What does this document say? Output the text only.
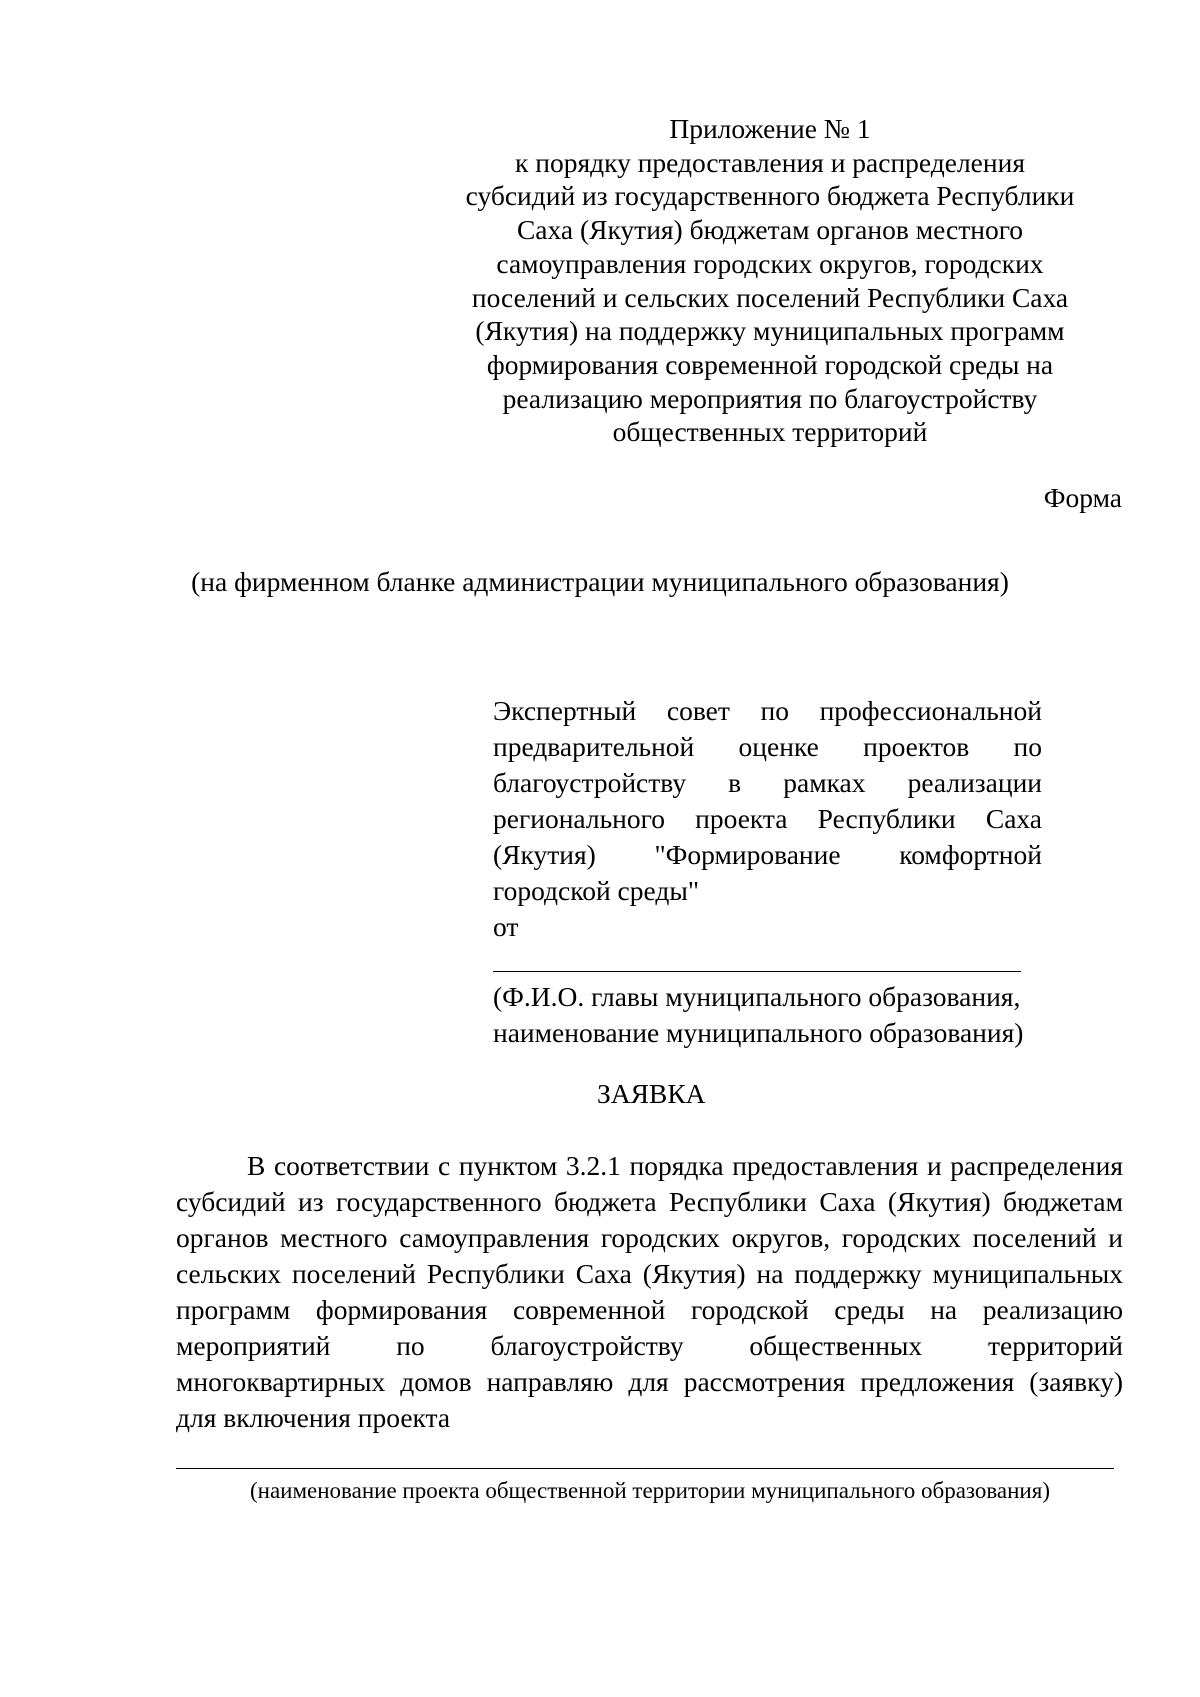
Приложение № 1
к порядку предоставления и распределения
субсидий из государственного бюджета Республики
Саха (Якутия) бюджетам органов местного
самоуправления городских округов, городских
поселений и сельских поселений Республики Саха
(Якутия) на поддержку муниципальных программ
формирования современной городской среды на
реализацию мероприятия по благоустройству
общественных территорий
Форма
(на фирменном бланке администрации муниципального образования)
Экспертный совет по профессиональной
предварительной оценке проектов по
благоустройству в рамках реализации
регионального проекта Республики Саха
(Якутия) "Формирование комфортной
городской среды"
от
(Ф.И.О. главы муниципального образования,
наименование муниципального образования)
ЗАЯВКА
В соответствии с пунктом 3.2.1 порядка предоставления и распределения
субсидий из государственного бюджета Республики Саха (Якутия) бюджетам
органов местного самоуправления городских округов, городских поселений и
сельских поселений Республики Саха (Якутия) на поддержку муниципальных
программ формирования современной городской среды на реализацию
мероприятий по благоустройству общественных территорий
многоквартирных домов направляю для рассмотрения предложения (заявку)
для включения проекта
(наименование проекта общественной территории муниципального образования)
